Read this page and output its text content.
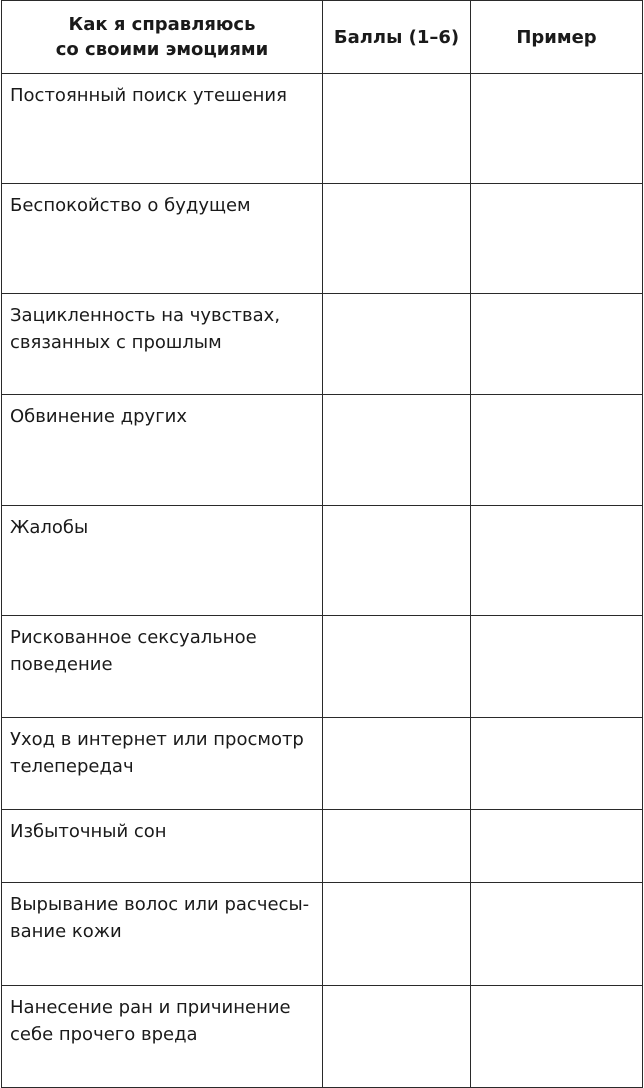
Как я справляюсь
со своими эмоциями	Баллы (1–6)	Пример

Постоянный поиск утешения		

Беспокойство о будущем		

Зацикленность на чувствах,
связанных с прошлым		

Обвинение других		

Жалобы		

Рискованное сексуальное
поведение		

Уход в интернет или просмотр
телепередач		

Избыточный сон		

Вырывание волос или расчесы-
вание кожи		

Нанесение ран и причинение
себе прочего вреда		
